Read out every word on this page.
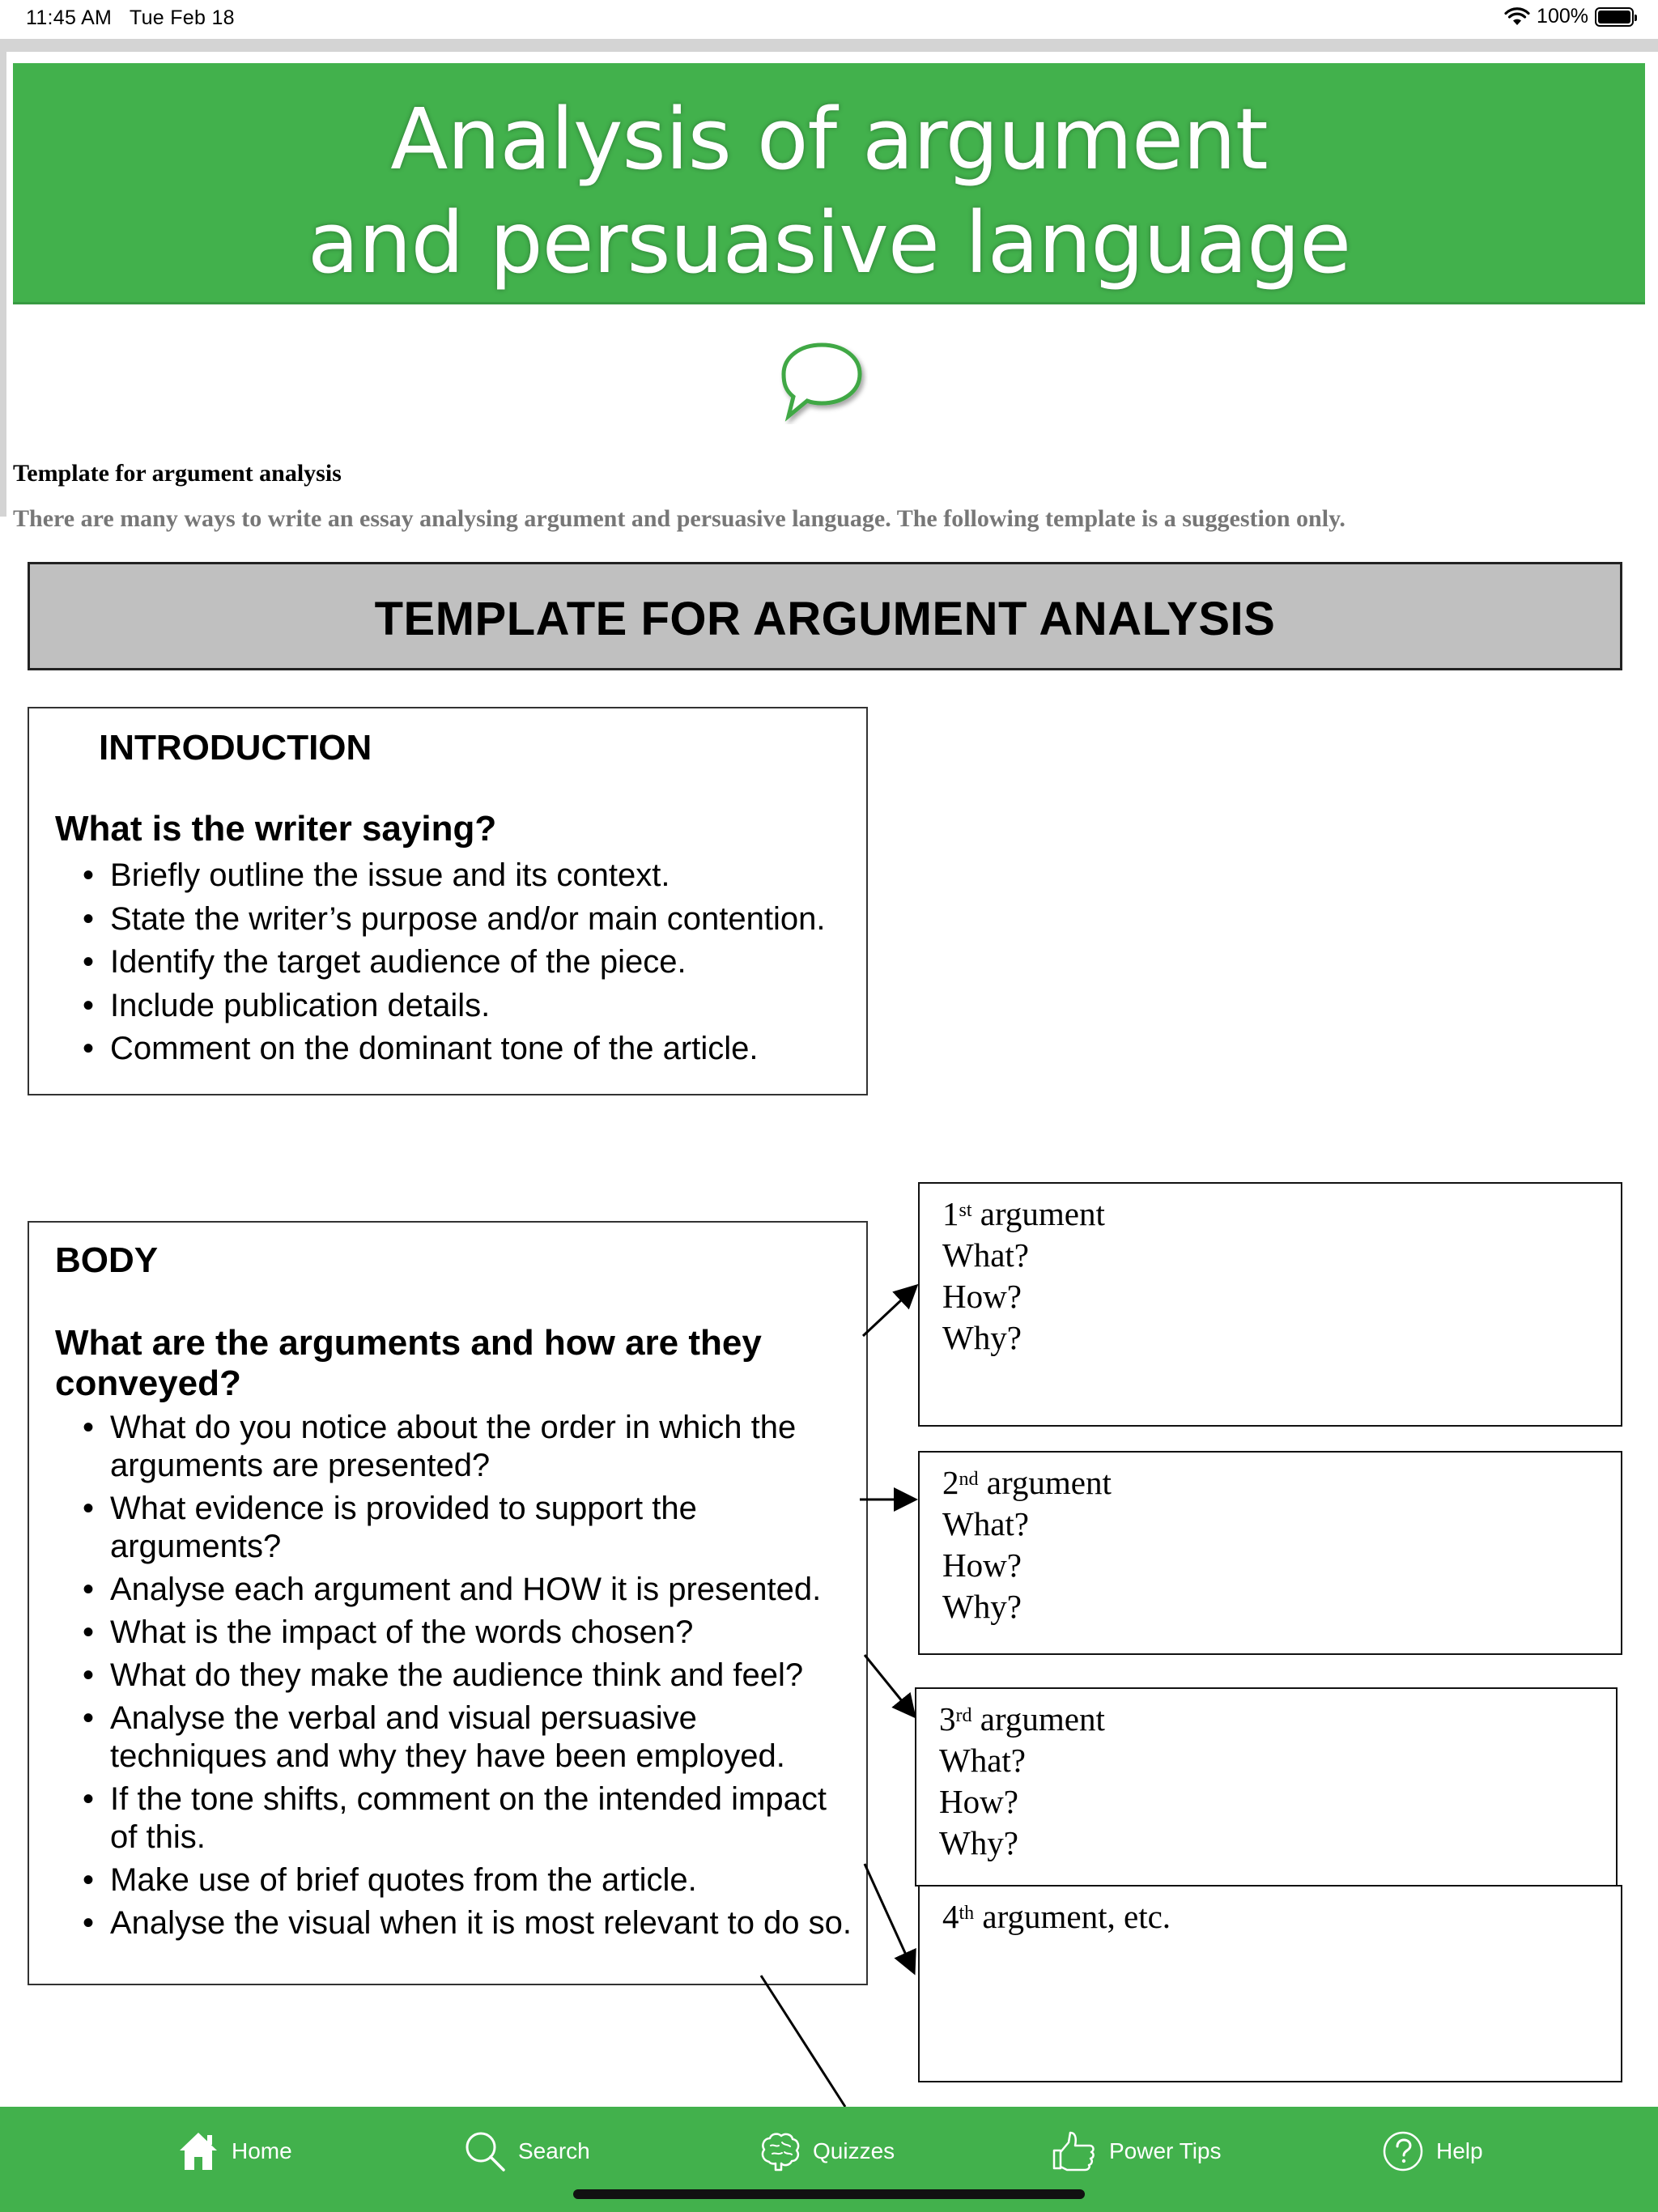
11:45 AM Tue Feb 18	100%
Analysis of argument
and persuasive language
Template for argument analysis
There are many ways to write an essay analysing argument and persuasive language. The following template is a suggestion only.
TEMPLATE FOR ARGUMENT ANALYSIS
INTRODUCTION
What is the writer saying?
• Briefly outline the issue and its context.
• State the writer’s purpose and/or main contention.
• Identify the target audience of the piece.
• Include publication details.
• Comment on the dominant tone of the article.
BODY
What are the arguments and how are they conveyed?
• What do you notice about the order in which the arguments are presented?
• What evidence is provided to support the arguments?
• Analyse each argument and HOW it is presented.
• What is the impact of the words chosen?
• What do they make the audience think and feel?
• Analyse the verbal and visual persuasive techniques and why they have been employed.
• If the tone shifts, comment on the intended impact of this.
• Make use of brief quotes from the article.
• Analyse the visual when it is most relevant to do so.
1st argument
What?
How?
Why?
2nd argument
What?
How?
Why?
3rd argument
What?
How?
Why?
4th argument, etc.
Home	Search	Quizzes	Power Tips	Help
